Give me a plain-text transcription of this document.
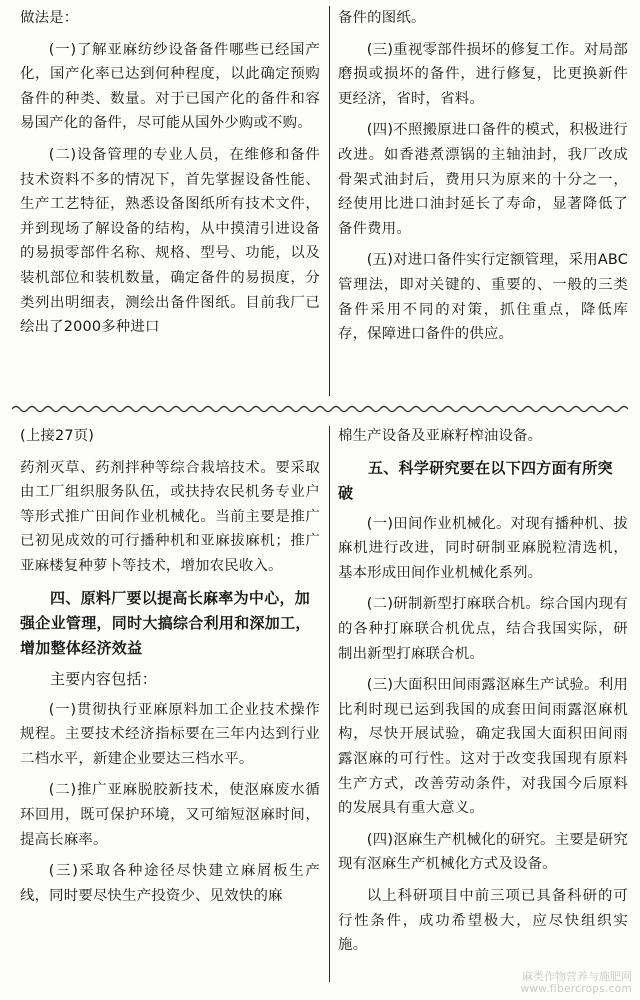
做法是：

(一)了解亚麻纺纱设备备件哪些已经国产化，国产化率已达到何种程度，以此确定预购备件的种类、数量。对于已国产化的备件和容易国产化的备件，尽可能从国外少购或不购。

(二)设备管理的专业人员，在维修和备件技术资料不多的情况下，首先掌握设备性能、生产工艺特征，熟悉设备图纸所有技术文件，并到现场了解设备的结构，从中摸清引进设备的易损零部件名称、规格、型号、功能，以及装机部位和装机数量，确定备件的易损度，分类列出明细表，测绘出备件图纸。目前我厂已绘出了2000多种进口

备件的图纸。

(三)重视零部件损坏的修复工作。对局部磨损或损坏的备件，进行修复，比更换新件更经济，省时，省料。

(四)不照搬原进口备件的模式，积极进行改进。如香港煮漂锅的主轴油封，我厂改成骨架式油封后，费用只为原来的十分之一，经使用比进口油封延长了寿命，显著降低了备件费用。

(五)对进口备件实行定额管理，采用ABC管理法，即对关键的、重要的、一般的三类备件采用不同的对策，抓住重点，降低库存，保障进口备件的供应。

(上接27页)

药剂灭草、药剂拌种等综合栽培技术。要采取由工厂组织服务队伍，或扶持农民机务专业户等形式推广田间作业机械化。当前主要是推广已初见成效的可行播种机和亚麻拔麻机；推广亚麻楼复种萝卜等技术，增加农民收入。

四、原料厂要以提高长麻率为中心，加强企业管理，同时大搞综合利用和深加工，增加整体经济效益
主要内容包括：

(一)贯彻执行亚麻原料加工企业技术操作规程。主要技术经济指标要在三年内达到行业二档水平，新建企业要达三档水平。

(二)推广亚麻脱胶新技术，使沤麻废水循环回用，既可保护环境，又可缩短沤麻时间，提高长麻率。

(三)采取各种途径尽快建立麻屑板生产线，同时要尽快生产投资少、见效快的麻

棉生产设备及亚麻籽榨油设备。

五、科学研究要在以下四方面有所突破

(一)田间作业机械化。对现有播种机、拔麻机进行改进，同时研制亚麻脱粒清选机，基本形成田间作业机械化系列。

(二)研制新型打麻联合机。综合国内现有的各种打麻联合机优点，结合我国实际，研制出新型打麻联合机。

(三)大面积田间雨露沤麻生产试验。利用比利时现已运到我国的成套田间雨露沤麻机构，尽快开展试验，确定我国大面积田间雨露沤麻的可行性。这对于改变我国现有原料生产方式，改善劳动条件，对我国今后原料的发展具有重大意义。

(四)沤麻生产机械化的研究。主要是研究现有沤麻生产机械化方式及设备。

以上科研项目中前三项已具备科研的可行性条件，成功希望极大，应尽快组织实施。

麻类作物营养与施肥网
www.fibercrops.com
